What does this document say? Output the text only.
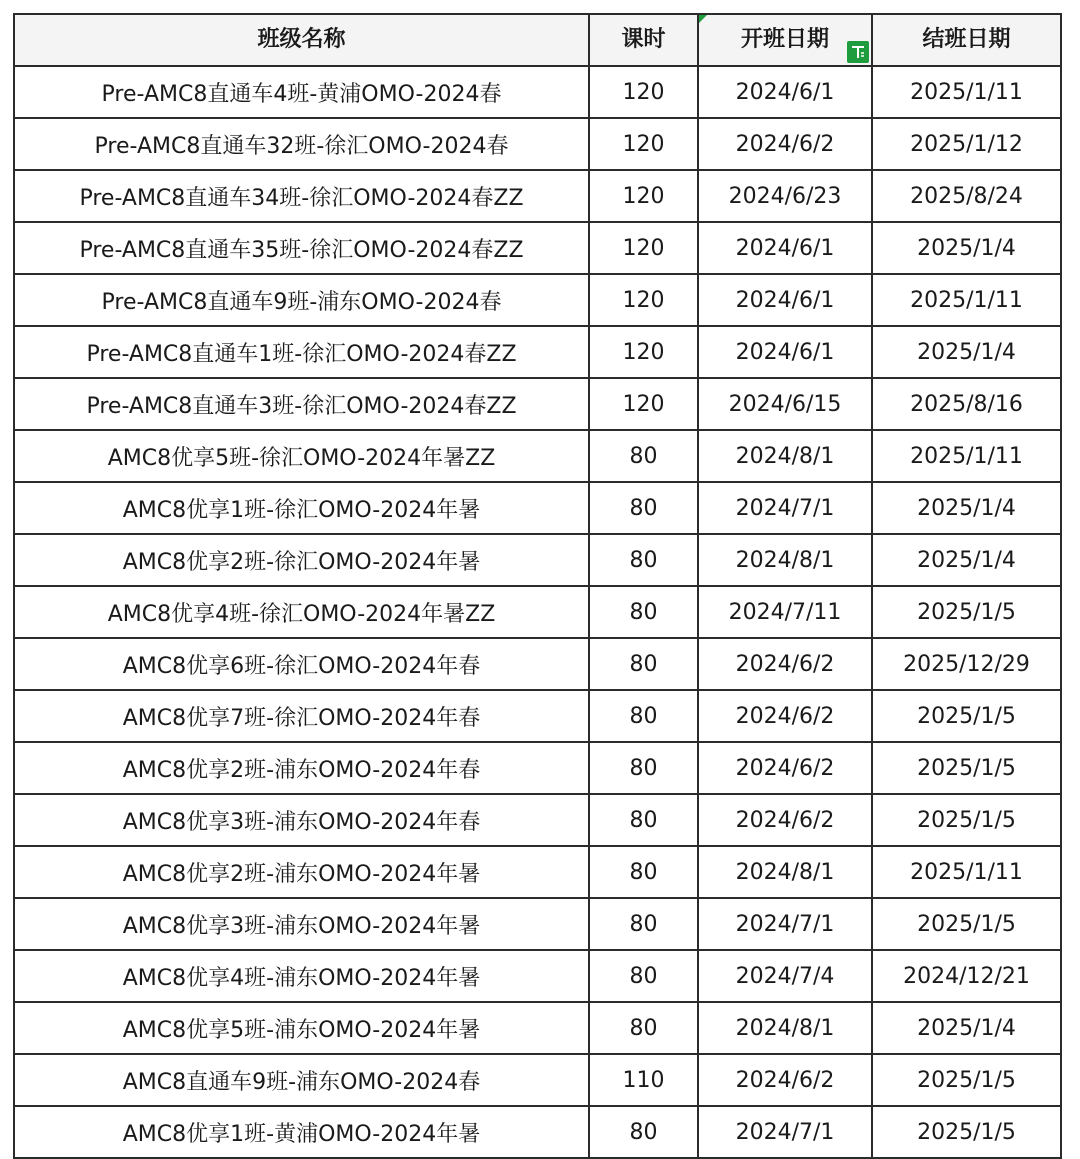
班级名称	课时	开班日期	结班日期

Pre-AMC8直通车4班-黄浦OMO-2024春	120	2024/6/1	2025/1/11
Pre-AMC8直通车32班-徐汇OMO-2024春	120	2024/6/2	2025/1/12
Pre-AMC8直通车34班-徐汇OMO-2024春ZZ	120	2024/6/23	2025/8/24
Pre-AMC8直通车35班-徐汇OMO-2024春ZZ	120	2024/6/1	2025/1/4
Pre-AMC8直通车9班-浦东OMO-2024春	120	2024/6/1	2025/1/11
Pre-AMC8直通车1班-徐汇OMO-2024春ZZ	120	2024/6/1	2025/1/4
Pre-AMC8直通车3班-徐汇OMO-2024春ZZ	120	2024/6/15	2025/8/16
AMC8优享5班-徐汇OMO-2024年暑ZZ	80	2024/8/1	2025/1/11
AMC8优享1班-徐汇OMO-2024年暑	80	2024/7/1	2025/1/4
AMC8优享2班-徐汇OMO-2024年暑	80	2024/8/1	2025/1/4
AMC8优享4班-徐汇OMO-2024年暑ZZ	80	2024/7/11	2025/1/5
AMC8优享6班-徐汇OMO-2024年春	80	2024/6/2	2025/12/29
AMC8优享7班-徐汇OMO-2024年春	80	2024/6/2	2025/1/5
AMC8优享2班-浦东OMO-2024年春	80	2024/6/2	2025/1/5
AMC8优享3班-浦东OMO-2024年春	80	2024/6/2	2025/1/5
AMC8优享2班-浦东OMO-2024年暑	80	2024/8/1	2025/1/11
AMC8优享3班-浦东OMO-2024年暑	80	2024/7/1	2025/1/5
AMC8优享4班-浦东OMO-2024年暑	80	2024/7/4	2024/12/21
AMC8优享5班-浦东OMO-2024年暑	80	2024/8/1	2025/1/4
AMC8直通车9班-浦东OMO-2024春	110	2024/6/2	2025/1/5
AMC8优享1班-黄浦OMO-2024年暑	80	2024/7/1	2025/1/5
